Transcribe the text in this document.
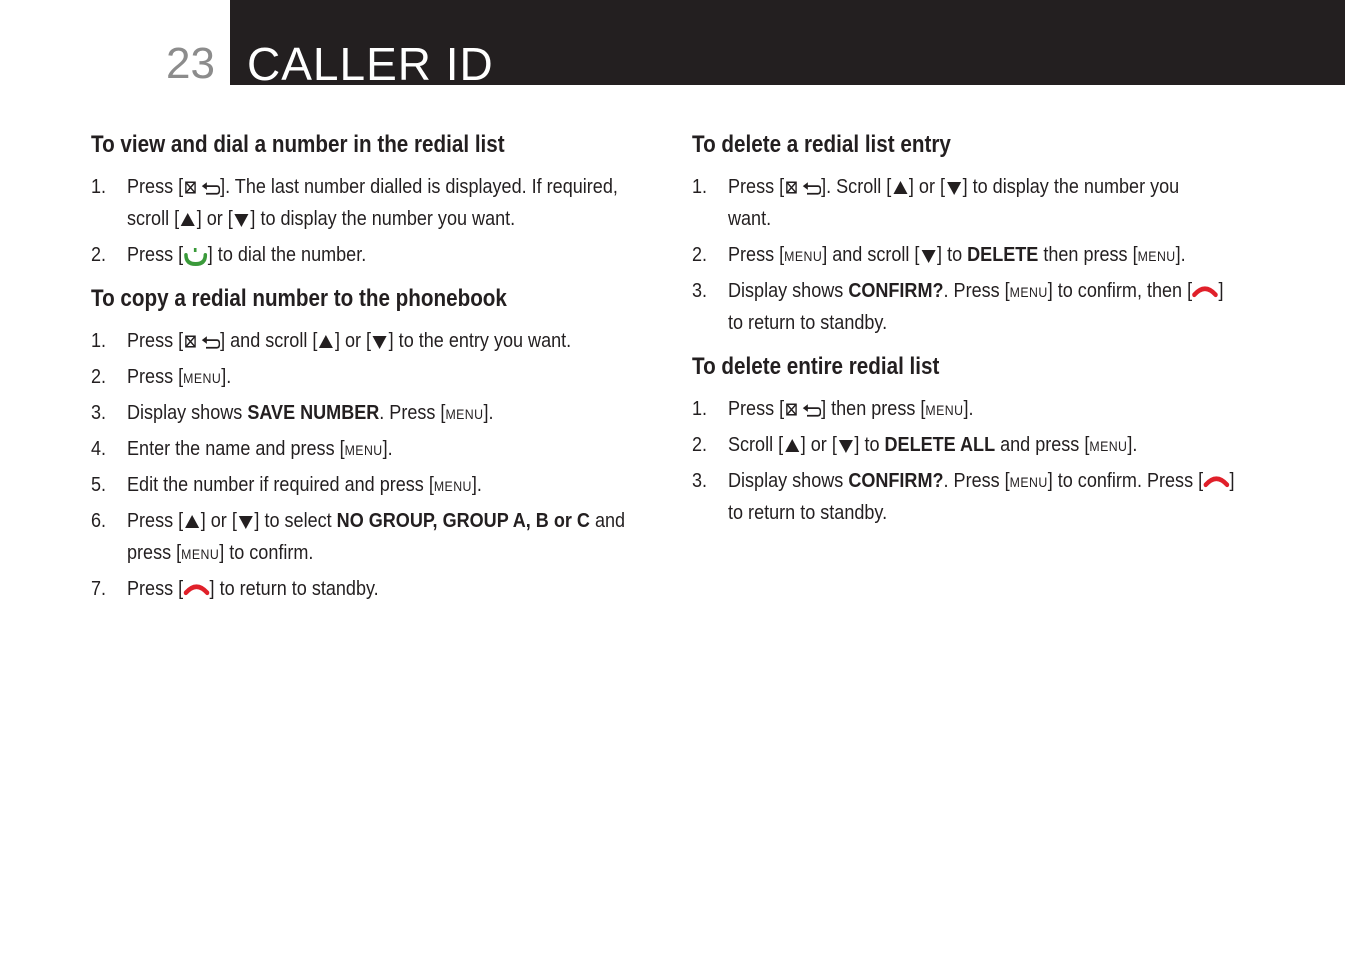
23 CALLER ID
To view and dial a number in the redial list
1. Press [ ]. The last number dialled is displayed. If required,
scroll [ ] or [ ] to display the number you want.
2. Press [ ] to dial the number.
To copy a redial number to the phonebook
1. Press [ ] and scroll [ ] or [ ] to the entry you want.
2. Press [menu].
3. Display shows SAVE NUMBER. Press [menu].
4. Enter the name and press [menu].
5. Edit the number if required and press [menu].
6. Press [ ] or [ ] to select NO GROUP, GROUP A, B or C and
press [menu] to confirm.
7. Press [ ] to return to standby.
To delete a redial list entry
1. Press [ ]. Scroll [ ] or [ ] to display the number you
want.
2. Press [menu] and scroll [ ] to DELETE then press [menu].
3. Display shows CONFIRM?. Press [menu] to confirm, then [ ]
to return to standby.
To delete entire redial list
1. Press [ ] then press [menu].
2. Scroll [ ] or [ ] to DELETE ALL and press [menu].
3. Display shows CONFIRM?. Press [menu] to confirm. Press [ ]
to return to standby.
